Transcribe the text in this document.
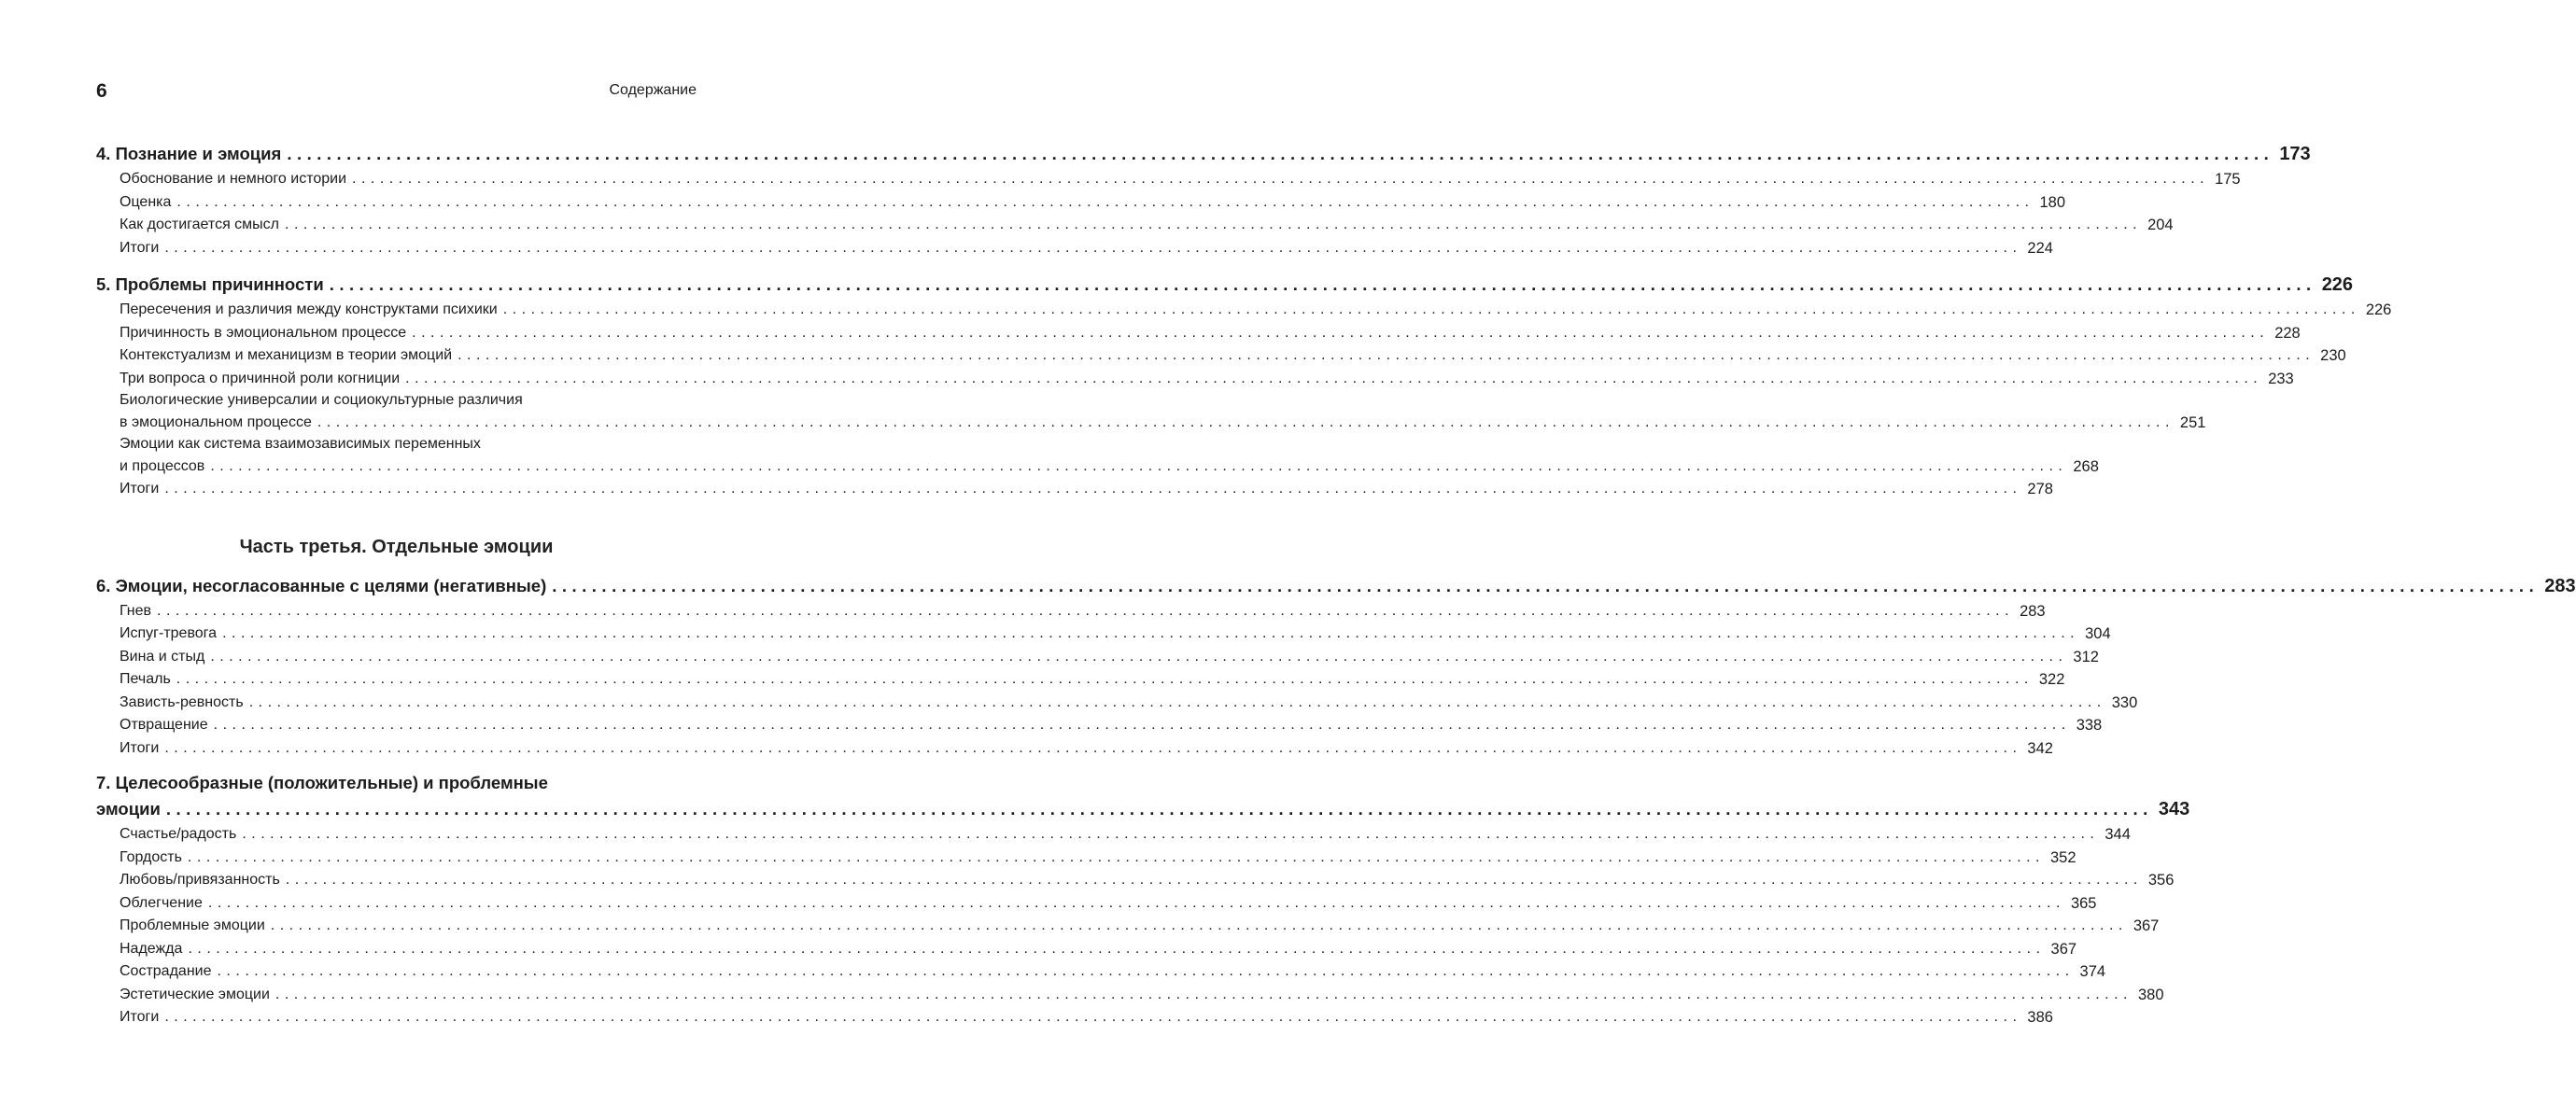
6	Содержание
4. Познание и эмоция ........................................................................................................................................................................................................ 173
Обоснование и немного истории ........................................................................................................................................................................................................ 175
Оценка ........................................................................................................................................................................................................ 180
Как достигается смысл ........................................................................................................................................................................................................ 204
Итоги ........................................................................................................................................................................................................ 224
5. Проблемы причинности ........................................................................................................................................................................................................ 226
Пересечения и различия между конструктами психики ........................................................................................................................................................................................................ 226
Причинность в эмоциональном процессе ........................................................................................................................................................................................................ 228
Контекстуализм и механицизм в теории эмоций ........................................................................................................................................................................................................ 230
Три вопроса о причинной роли когниции ........................................................................................................................................................................................................ 233
Биологические универсалии и социокультурные различия
в эмоциональном процессе ........................................................................................................................................................................................................ 251
Эмоции как система взаимозависимых переменных
и процессов ........................................................................................................................................................................................................ 268
Итоги ........................................................................................................................................................................................................ 278
Часть третья. Отдельные эмоции
6. Эмоции, несогласованные с целями (негативные) ........................................................................................................................................................................................................ 283
Гнев ........................................................................................................................................................................................................ 283
Испуг-тревога ........................................................................................................................................................................................................ 304
Вина и стыд ........................................................................................................................................................................................................ 312
Печаль ........................................................................................................................................................................................................ 322
Зависть-ревность ........................................................................................................................................................................................................ 330
Отвращение ........................................................................................................................................................................................................ 338
Итоги ........................................................................................................................................................................................................ 342
7. Целесообразные (положительные) и проблемные
эмоции ........................................................................................................................................................................................................ 343
Счастье/радость ........................................................................................................................................................................................................ 344
Гордость ........................................................................................................................................................................................................ 352
Любовь/привязанность ........................................................................................................................................................................................................ 356
Облегчение ........................................................................................................................................................................................................ 365
Проблемные эмоции ........................................................................................................................................................................................................ 367
Надежда ........................................................................................................................................................................................................ 367
Сострадание ........................................................................................................................................................................................................ 374
Эстетические эмоции ........................................................................................................................................................................................................ 380
Итоги ........................................................................................................................................................................................................ 386
